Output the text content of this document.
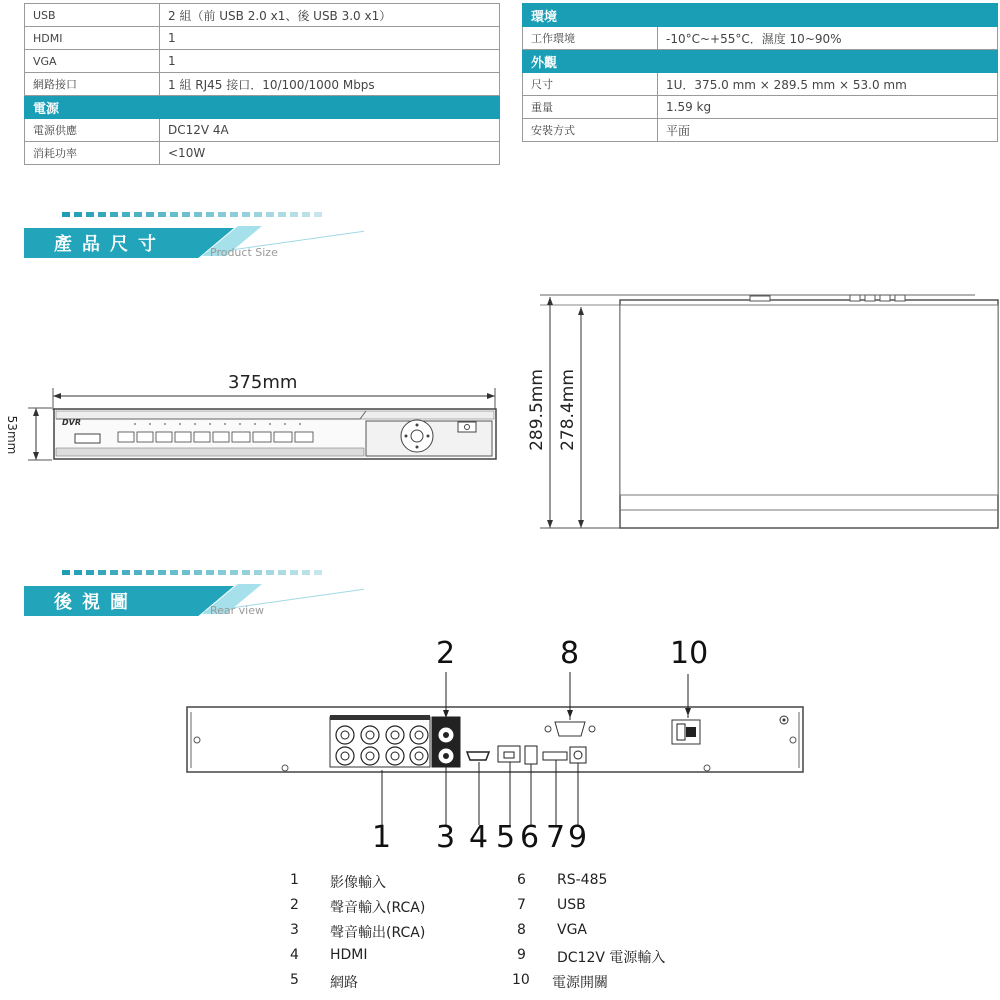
USB	2 組（前 USB 2.0 x1、後 USB 3.0 x1）
HDMI	1
VGA	1
網路接口	1 組 RJ45 接口．10/100/1000 Mbps
電源	
電源供應	DC12V 4A
消耗功率	<10W
環境	
工作環境	-10°C~+55°C．濕度 10~90%
外觀	
尺寸	1U．375.0 mm × 289.5 mm × 53.0 mm
重量	1.59 kg
安裝方式	平面
產品尺寸	Product Size
DVR
375mm
53mm	289.5mm 278.4mm
後視圖	Rear view
2	8	10
1 3 4 5 6 7 9
1	影像輸入
2	聲音輸入(RCA)
3	聲音輸出(RCA)
4	HDMI
5	網路
6	RS-485
7	USB
8	VGA
9	DC12V 電源輸入
10 電源開關
